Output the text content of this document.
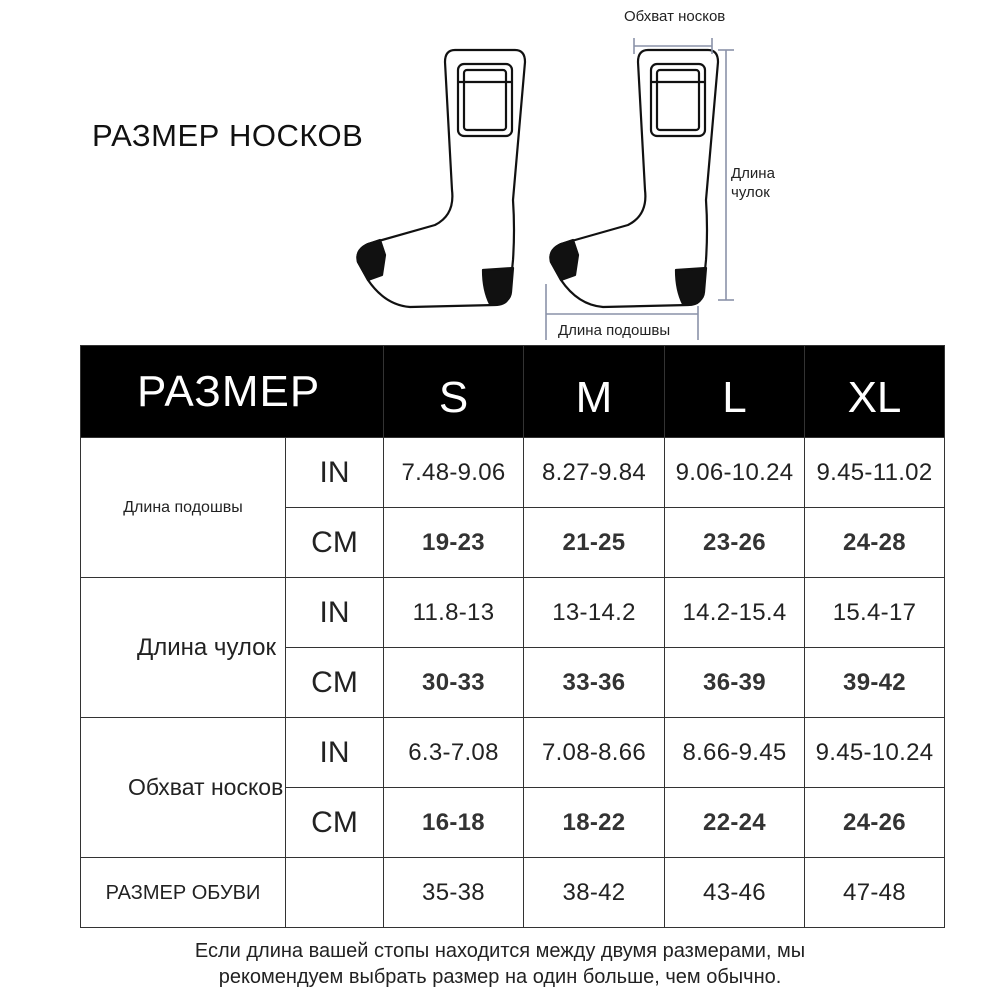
РАЗМЕР НОСКОВ
Обхват носков
Длина чулок
Длина подошвы
РАЗМЕР		S	M	L	XL
Длина подошвы	IN	7.48-9.06	8.27-9.84	9.06-10.24	9.45-11.02
	CM	19-23	21-25	23-26	24-28
Длина чулок	IN	11.8-13	13-14.2	14.2-15.4	15.4-17
	CM	30-33	33-36	36-39	39-42
Обхват носков	IN	6.3-7.08	7.08-8.66	8.66-9.45	9.45-10.24
	CM	16-18	18-22	22-24	24-26
РАЗМЕР ОБУВИ		35-38	38-42	43-46	47-48
Если длина вашей стопы находится между двумя размерами, мы
рекомендуем выбрать размер на один больше, чем обычно.
